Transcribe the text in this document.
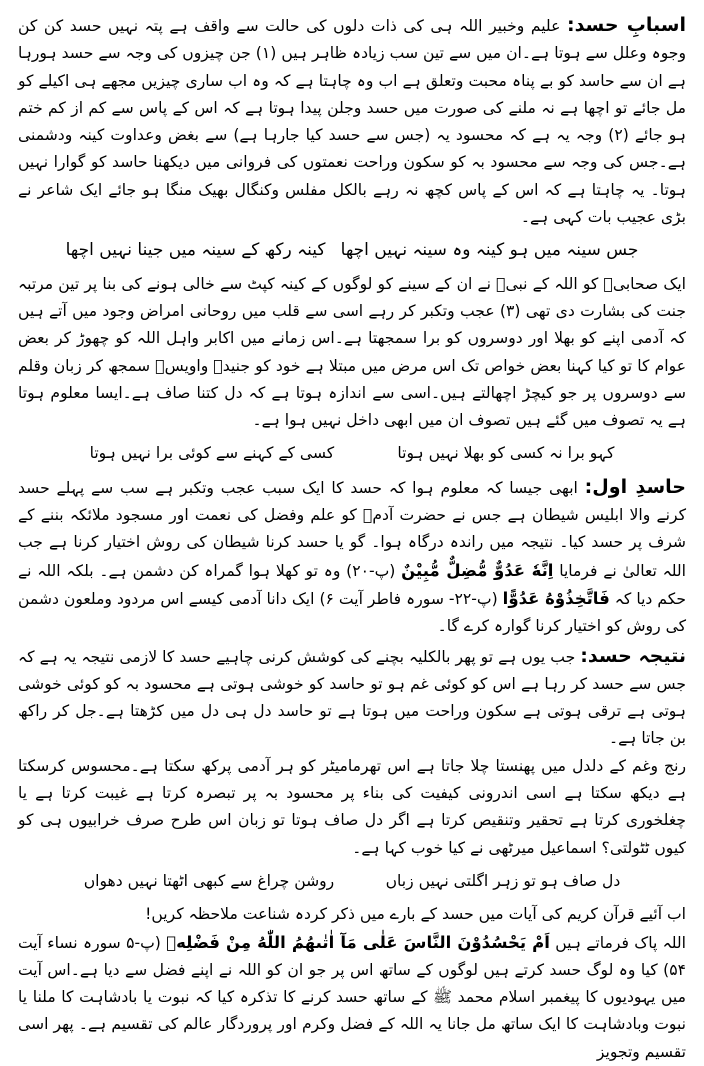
اسبابِ حسد: علیم وخبیر اللہ ہی کی ذات دلوں کی حالت سے واقف ہے پتہ نہیں حسد کن کن وجوہ وعلل سے ہوتا ہے۔ان میں سے تین سب زیادہ ظاہر ہیں (۱) جن چیزوں کی وجہ سے حسد ہورہا ہے ان سے حاسد کو بے پناہ محبت وتعلق ہے اب وہ چاہتا ہے کہ وہ اب ساری چیزیں مجھے ہی اکیلے کو مل جائے تو اچھا ہے نہ ملنے کی صورت میں حسد وجلن پیدا ہوتا ہے کہ اس کے پاس سے کم از کم ختم ہو جائے (۲) وجہ یہ ہے کہ محسود یہ (جس سے حسد کیا جارہا ہے) سے بغض وعداوت کینہ ودشمنی ہے۔جس کی وجہ سے محسود بہ کو سکون وراحت نعمتوں کی فروانی میں دیکھنا حاسد کو گوارا نہیں ہوتا۔ یہ چاہتا ہے کہ اس کے پاس کچھ نہ رہے بالکل مفلس وکنگال بھیک منگا ہو جائے ایک شاعر نے بڑی عجیب بات کہی ہے۔

جس سینہ میں ہو کینہ وہ سینہ نہیں اچھا
کینہ رکھ کے سینہ میں جینا نہیں اچھا

ایک صحابیؓ کو اللہ کے نبیؐ نے ان کے سینے کو لوگوں کے کینہ کپٹ سے خالی ہونے کی بنا پر تین مرتبہ جنت کی بشارت دی تھی (۳) عجب وتکبر کر رہے اسی سے قلب میں روحانی امراض وجود میں آتے ہیں کہ آدمی اپنے کو بھلا اور دوسروں کو برا سمجھتا ہے۔اس زمانے میں اکابر واہل اللہ کو چھوڑ کر بعض عوام کا تو کیا کہنا بعض خواص تک اس مرض میں مبتلا ہے خود کو جنیدؒ واویسؒ سمجھ کر زبان وقلم سے دوسروں پر جو کیچڑ اچھالتے ہیں۔اسی سے اندازہ ہوتا ہے کہ دل کتنا صاف ہے۔ایسا معلوم ہوتا ہے یہ تصوف میں گئے ہیں تصوف ان میں ابھی داخل نہیں ہوا ہے۔

کہو برا نہ کسی کو بھلا نہیں ہوتا
کسی کے کہنے سے کوئی برا نہیں ہوتا

حاسدِ اول: ابھی جیسا کہ معلوم ہوا کہ حسد کا ایک سبب عجب وتکبر ہے سب سے پہلے حسد کرنے والا ابلیس شیطان ہے جس نے حضرت آدمؑ کو علم وفضل کی نعمت اور مسجود ملائکہ بننے کے شرف پر حسد کیا۔ نتیجہ میں راندہ درگاہ ہوا۔ گو یا حسد کرنا شیطان کی روش اختیار کرنا ہے جب اللہ تعالیٰ نے فرمایا اِنَّهٗ عَدُوٌّ مُّضِلٌّ مُّبِيْنٌ (پ-۲۰) وہ تو کھلا ہوا گمراہ کن دشمن ہے۔ بلکہ اللہ نے حکم دیا کہ فَاتَّخِذُوْهُ عَدُوًّا (پ-۲۲- سورہ فاطر آیت ۶) ایک دانا آدمی کیسے اس مردود وملعون دشمن کی روش کو اختیار کرنا گوارہ کرے گا۔

نتیجہ حسد: جب یوں ہے تو پھر بالکلیہ بچنے کی کوشش کرنی چاہیے حسد کا لازمی نتیجہ یہ ہے کہ جس سے حسد کر رہا ہے اس کو کوئی غم ہو تو حاسد کو خوشی ہوتی ہے محسود بہ کو کوئی خوشی ہوتی ہے ترقی ہوتی ہے سکون وراحت میں ہوتا ہے تو حاسد دل ہی دل میں کڑھتا ہے۔جل کر راکھ بن جاتا ہے۔

رنج وغم کے دلدل میں پھنستا چلا جاتا ہے اس تھرمامیٹر کو ہر آدمی پرکھ سکتا ہے۔محسوس کرسکتا ہے دیکھ سکتا ہے اسی اندرونی کیفیت کی بناء پر محسود بہ پر تبصرہ کرتا ہے غیبت کرتا ہے یا چغلخوری کرتا ہے تحقیر وتنقیص کرتا ہے اگر دل صاف ہوتا تو زبان اس طرح صرف خرابیوں ہی کو کیوں ٹٹولتی؟ اسماعیل میرٹھی نے کیا خوب کہا ہے۔

دل صاف ہو تو زہر اگلتی نہیں زباں
روشن چراغ سے کبھی اٹھتا نہیں دھواں

اب آئیے قرآن کریم کی آیات میں حسد کے بارے میں ذکر کردہ شناعت ملاحظہ کریں!

اللہ پاک فرماتے ہیں اَمْ يَحْسُدُوْنَ النَّاسَ عَلٰى مَآ اٰتٰىهُمُ اللّٰهُ مِنْ فَضْلِهٖ (پ-۵ سورہ نساء آیت ۵۴) کیا وہ لوگ حسد کرتے ہیں لوگوں کے ساتھ اس پر جو ان کو اللہ نے اپنے فضل سے دیا ہے۔اس آیت میں یہودیوں کا پیغمبر اسلام محمد ﷺ کے ساتھ حسد کرنے کا تذکرہ کیا کہ نبوت یا بادشاہت کا ملنا یا نبوت وبادشاہت کا ایک ساتھ مل جانا یہ اللہ کے فضل وکرم اور پروردگار عالم کی تقسیم ہے۔ پھر اسی تقسیم وتجویز
